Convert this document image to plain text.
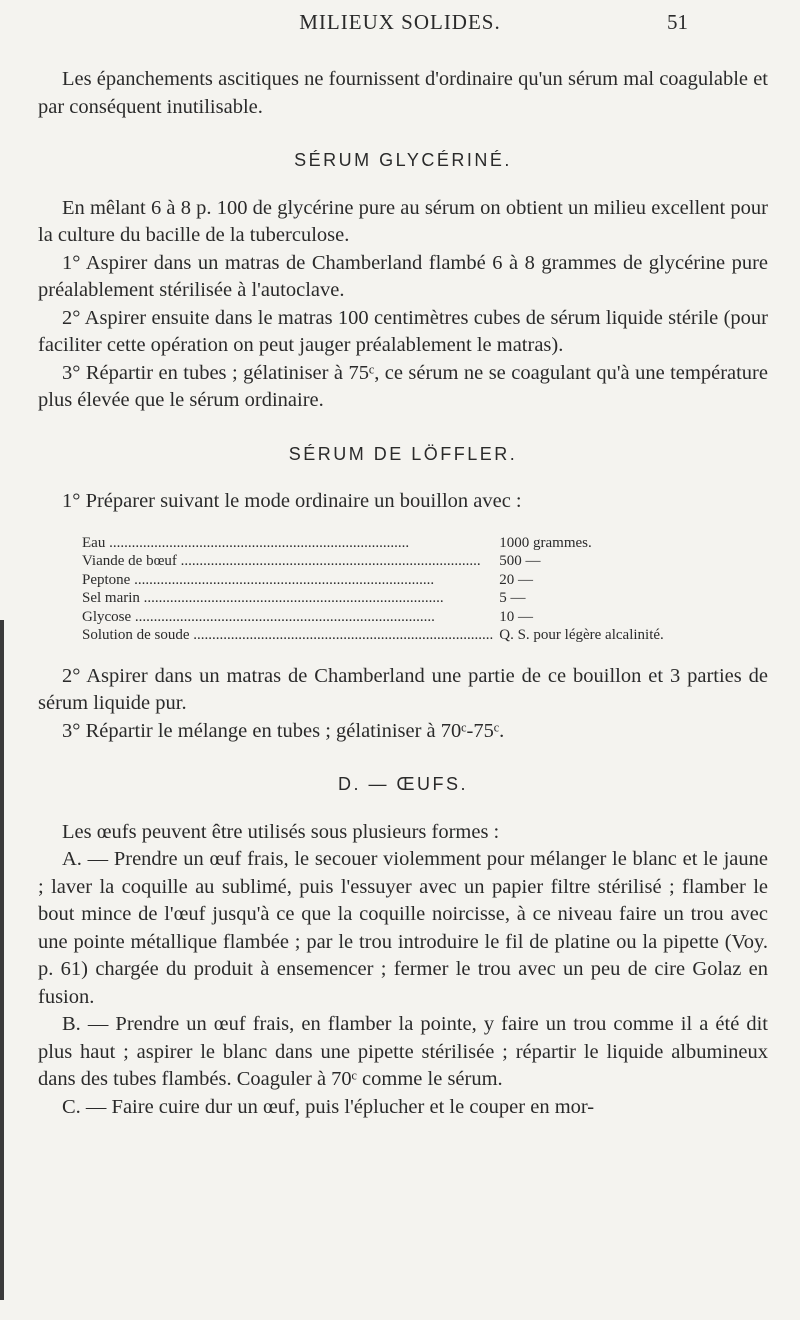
MILIEUX SOLIDES.	51

Les épanchements ascitiques ne fournissent d'ordinaire qu'un sérum mal coagulable et par conséquent inutilisable.

SÉRUM GLYCÉRINÉ.

En mêlant 6 à 8 p. 100 de glycérine pure au sérum on obtient un milieu excellent pour la culture du bacille de la tuberculose.

1° Aspirer dans un matras de Chamberland flambé 6 à 8 grammes de glycérine pure préalablement stérilisée à l'autoclave.

2° Aspirer ensuite dans le matras 100 centimètres cubes de sérum liquide stérile (pour faciliter cette opération on peut jauger préalablement le matras).

3° Répartir en tubes ; gélatiniser à 75ᶜ, ce sérum ne se coagulant qu'à une température plus élevée que le sérum ordinaire.

SÉRUM DE LÖFFLER.

1° Préparer suivant le mode ordinaire un bouillon avec :

Eau .....	1000 grammes.
Viande de bœuf .....	500 —
Peptone .....	20 —
Sel marin .....	5 —
Glycose .....	10 —
Solution de soude .....	Q. S. pour légère alcalinité.

2° Aspirer dans un matras de Chamberland une partie de ce bouillon et 3 parties de sérum liquide pur.

3° Répartir le mélange en tubes ; gélatiniser à 70ᶜ-75ᶜ.

D. — ŒUFS.

Les œufs peuvent être utilisés sous plusieurs formes :

A. — Prendre un œuf frais, le secouer violemment pour mélanger le blanc et le jaune ; laver la coquille au sublimé, puis l'essuyer avec un papier filtre stérilisé ; flamber le bout mince de l'œuf jusqu'à ce que la coquille noircisse, à ce niveau faire un trou avec une pointe métallique flambée ; par le trou introduire le fil de platine ou la pipette (Voy. p. 61) chargée du produit à ensemencer ; fermer le trou avec un peu de cire Golaz en fusion.

B. — Prendre un œuf frais, en flamber la pointe, y faire un trou comme il a été dit plus haut ; aspirer le blanc dans une pipette stérilisée ; répartir le liquide albumineux dans des tubes flambés. Coaguler à 70ᶜ comme le sérum.

C. — Faire cuire dur un œuf, puis l'éplucher et le couper en mor-
